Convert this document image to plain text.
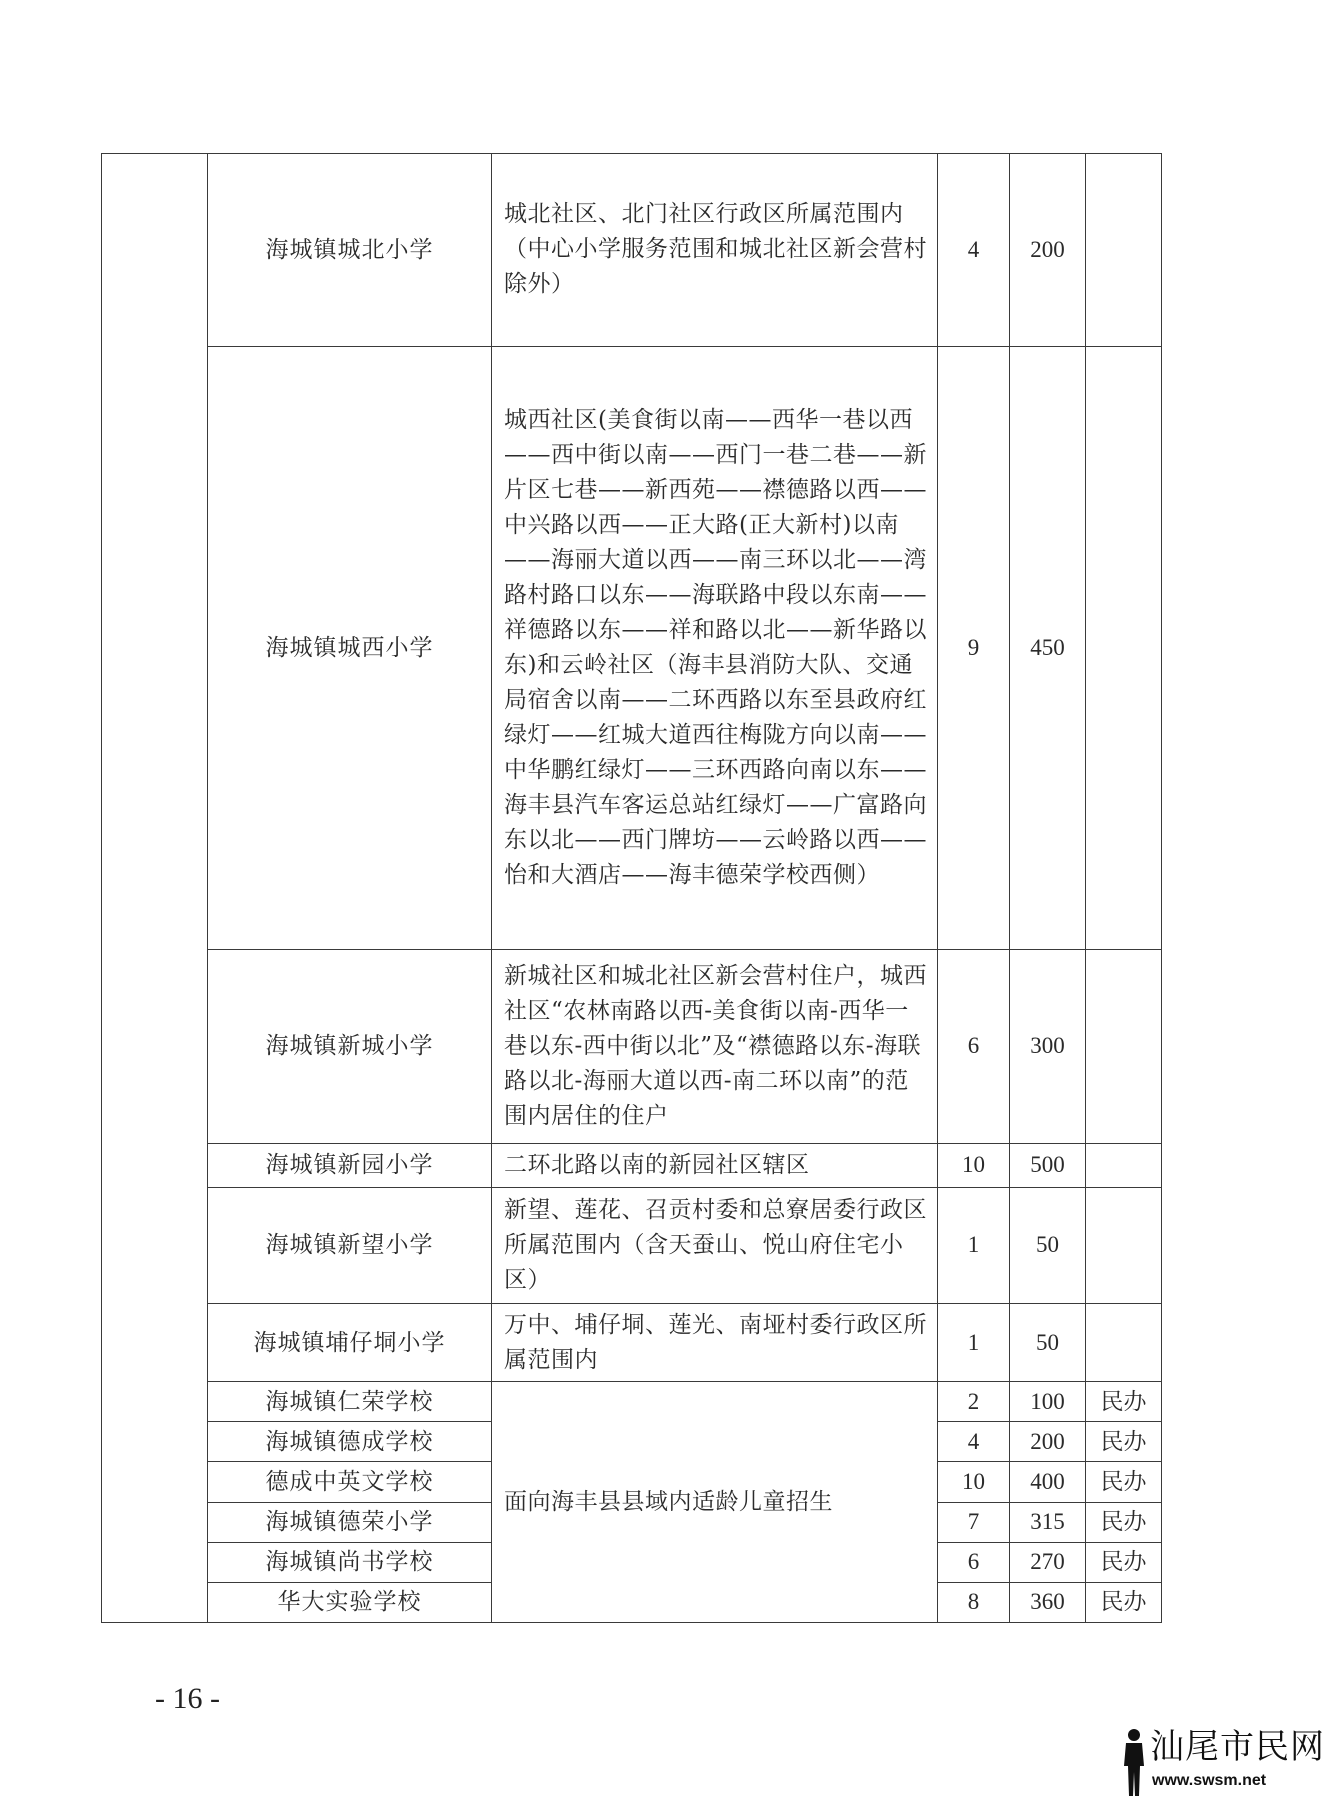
	海城镇城北小学	城北社区、北门社区行政区所属范围内（中心小学服务范围和城北社区新会营村除外）	4	200	
	海城镇城西小学	城西社区(美食街以南——西华一巷以西——西中街以南——西门一巷二巷——新片区七巷——新西苑——襟德路以西——中兴路以西——正大路(正大新村)以南——海丽大道以西——南三环以北——湾路村路口以东——海联路中段以东南——祥德路以东——祥和路以北——新华路以东)和云岭社区（海丰县消防大队、交通局宿舍以南——二环西路以东至县政府红绿灯——红城大道西往梅陇方向以南——中华鹏红绿灯——三环西路向南以东——海丰县汽车客运总站红绿灯——广富路向东以北——西门牌坊——云岭路以西——怡和大酒店——海丰德荣学校西侧）	9	450	
	海城镇新城小学	新城社区和城北社区新会营村住户，城西社区“农林南路以西-美食街以南-西华一巷以东-西中街以北”及“襟德路以东-海联路以北-海丽大道以西-南二环以南”的范围内居住的住户	6	300	
	海城镇新园小学	二环北路以南的新园社区辖区	10	500	
	海城镇新望小学	新望、莲花、召贡村委和总寮居委行政区所属范围内（含天蚕山、悦山府住宅小区）	1	50	
	海城镇埔仔垌小学	万中、埔仔垌、莲光、南垭村委行政区所属范围内	1	50	
	海城镇仁荣学校	面向海丰县县域内适龄儿童招生	2	100	民办
	海城镇德成学校		4	200	民办
	德成中英文学校		10	400	民办
	海城镇德荣小学		7	315	民办
	海城镇尚书学校		6	270	民办
	华大实验学校		8	360	民办
- 16 -
汕尾市民网
www.swsm.net
